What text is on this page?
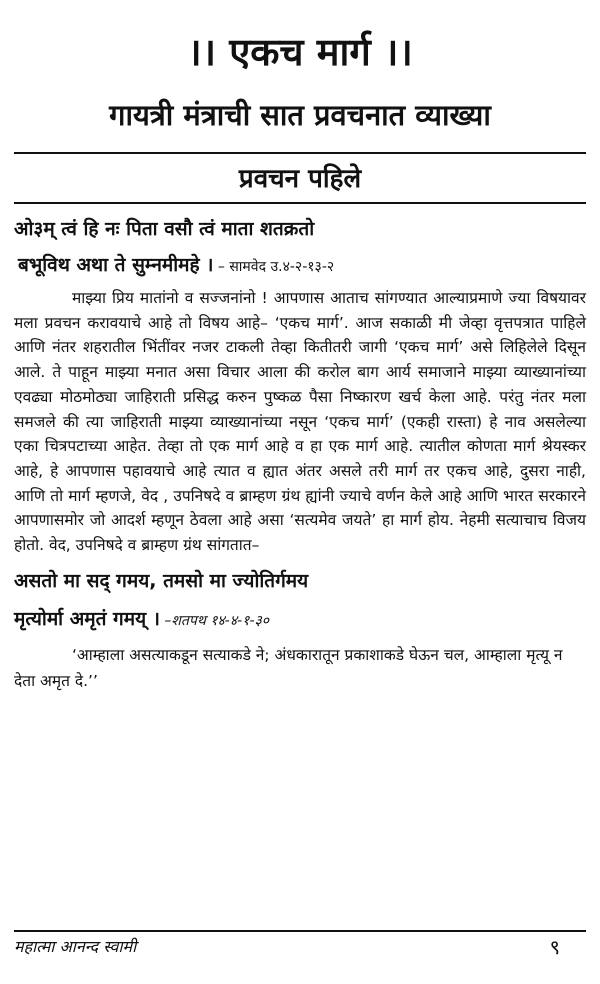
।। एकच मार्ग ।।
गायत्री मंत्राची सात प्रवचनात व्याख्या
प्रवचन पहिले
ओ३म् त्वं हि नः पिता वसौ त्वं माता शतक्रतो
बभूविथ अथा ते सुम्नमीमहे । – सामवेद उ.४-२-१३-२

माझ्या प्रिय मातांनो व सज्जनांनो ! आपणास आताच सांगण्यात आल्याप्रमाणे ज्या विषयावर मला प्रवचन करावयाचे आहे तो विषय आहे– ‘एकच मार्ग’. आज सकाळी मी जेव्हा वृत्तपत्रात पाहिले आणि नंतर शहरातील भिंतींवर नजर टाकली तेव्हा कितीतरी जागी ‘एकच मार्ग’ असे लिहिलेले दिसून आले. ते पाहून माझ्या मनात असा विचार आला की करोल बाग आर्य समाजाने माझ्या व्याख्यानांच्या एवढ्या मोठमोठ्या जाहिराती प्रसिद्ध करुन पुष्कळ पैसा निष्कारण खर्च केला आहे. परंतु नंतर मला समजले की त्या जाहिराती माझ्या व्याख्यानांच्या नसून ‘एकच मार्ग’ (एकही रास्ता) हे नाव असलेल्या एका चित्रपटाच्या आहेत. तेव्हा तो एक मार्ग आहे व हा एक मार्ग आहे. त्यातील कोणता मार्ग श्रेयस्कर आहे, हे आपणास पहावयाचे आहे त्यात व ह्यात अंतर असले तरी मार्ग तर एकच आहे, दुसरा नाही, आणि तो मार्ग म्हणजे, वेद , उपनिषदे व ब्राम्हण ग्रंथ ह्यांनी ज्याचे वर्णन केले आहे आणि भारत सरकारने आपणासमोर जो आदर्श म्हणून ठेवला आहे असा ‘सत्यमेव जयते’ हा मार्ग होय. नेहमी सत्याचाच विजय होतो. वेद, उपनिषदे व ब्राम्हण ग्रंथ सांगतात–

असतो मा सद् गमय, तमसो मा ज्योतिर्गमय
मृत्योर्मा अमृतं गमय् । –शतपथ १४-४-१-३०

‘आम्हाला असत्याकडून सत्याकडे ने; अंधकारातून प्रकाशाकडे घेऊन चल, आम्हाला मृत्यू न देता अमृत दे.’’

महात्मा आनन्द स्वामी	९
